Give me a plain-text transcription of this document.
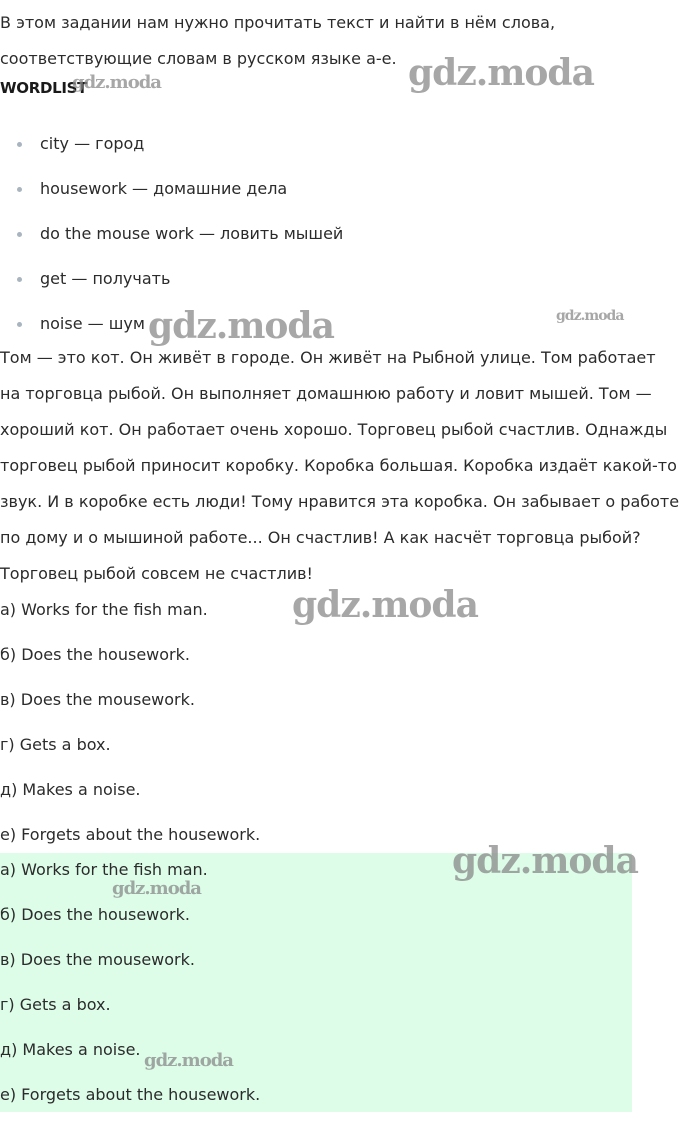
В этом задании нам нужно прочитать текст и найти в нём слова, соответствующие словам в русском языке а-е.

WORDLIST
city — город
housework — домашние дела
do the mouse work — ловить мышей
get — получать
noise — шум

Том — это кот. Он живёт в городе. Он живёт на Рыбной улице. Том работает на торговца рыбой. Он выполняет домашнюю работу и ловит мышей. Том — хороший кот. Он работает очень хорошо. Торговец рыбой счастлив. Однажды торговец рыбой приносит коробку. Коробка большая. Коробка издаёт какой-то звук. И в коробке есть люди! Тому нравится эта коробка. Он забывает о работе по дому и о мышиной работе... Он счастлив! А как насчёт торговца рыбой? Торговец рыбой совсем не счастлив!

а) Works for the fish man.
б) Does the housework.
в) Does the mousework.
г) Gets a box.
д) Makes a noise.
е) Forgets about the housework.
а) Works for the fish man.
б) Does the housework.
в) Does the mousework.
г) Gets a box.
д) Makes a noise.
е) Forgets about the housework.
gdz.moda
gdz.moda
gdz.moda	gdz.moda
gdz.moda
gdz.moda
gdz.moda
gdz.moda
